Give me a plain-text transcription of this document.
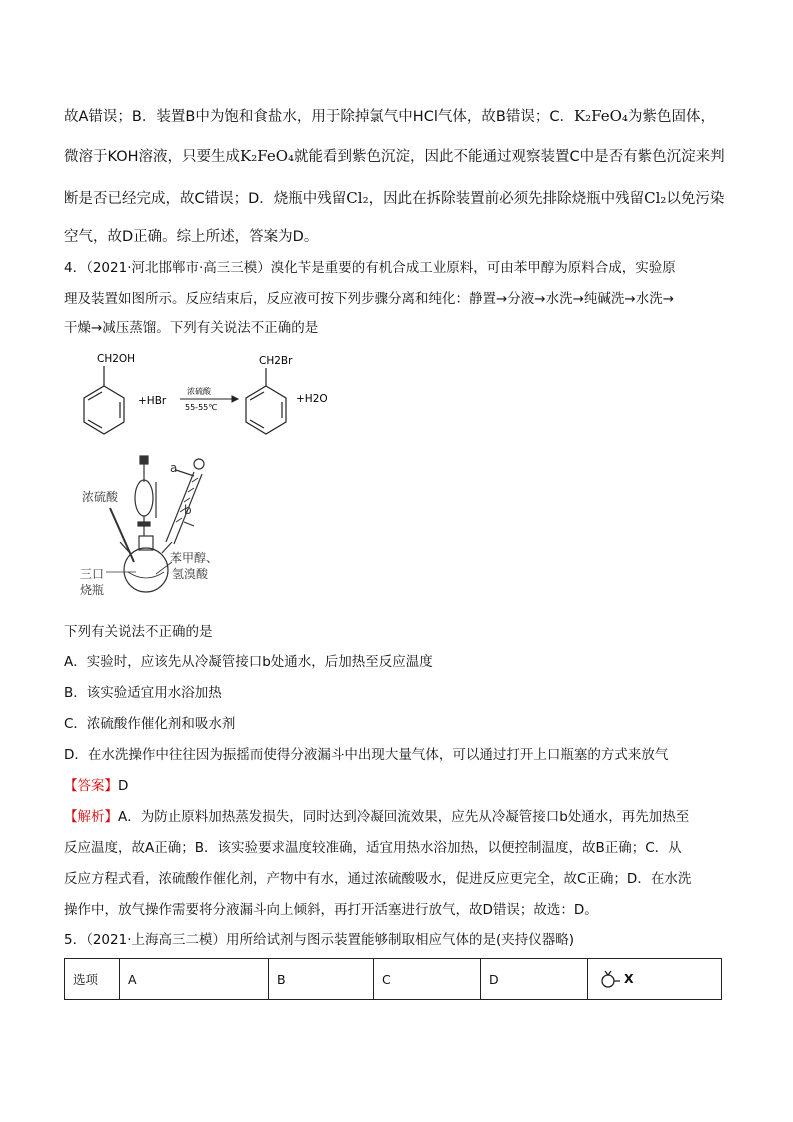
故A错误；B．装置B中为饱和食盐水，用于除掉氯气中HCl气体，故B错误；C．K₂FeO₄为紫色固体，
微溶于KOH溶液，只要生成K₂FeO₄就能看到紫色沉淀，因此不能通过观察装置C中是否有紫色沉淀来判
断是否已经完成，故C错误；D．烧瓶中残留Cl₂，因此在拆除装置前必须先排除烧瓶中残留Cl₂以免污染
空气，故D正确。综上所述，答案为D。
4．（2021·河北邯郸市·高三三模）溴化苄是重要的有机合成工业原料，可由苯甲醇为原料合成，实验原
理及装置如图所示。反应结束后，反应液可按下列步骤分离和纯化：静置→分液→水洗→纯碱洗→水洗→
干燥→减压蒸馏。下列有关说法不正确的是
CH2OH
+HBr
浓硫酸
55-55℃
CH2Br
+H2O
浓硫酸
a
b
三口
烧瓶
苯甲醇、
氢溴酸
下列有关说法不正确的是
A．实验时，应该先从冷凝管接口b处通水，后加热至反应温度
B．该实验适宜用水浴加热
C．浓硫酸作催化剂和吸水剂
D．在水洗操作中往往因为振摇而使得分液漏斗中出现大量气体，可以通过打开上口瓶塞的方式来放气
【答案】D
【解析】A．为防止原料加热蒸发损失，同时达到冷凝回流效果，应先从冷凝管接口b处通水，再先加热至
反应温度，故A正确；B．该实验要求温度较准确，适宜用热水浴加热，以便控制温度，故B正确；C．从
反应方程式看，浓硫酸作催化剂，产物中有水，通过浓硫酸吸水，促进反应更完全，故C正确；D．在水洗
操作中，放气操作需要将分液漏斗向上倾斜，再打开活塞进行放气，故D错误；故选：D。
5．（2021·上海高三二模）用所给试剂与图示装置能够制取相应气体的是(夹持仪器略)
选项	A	B	C	D	X
